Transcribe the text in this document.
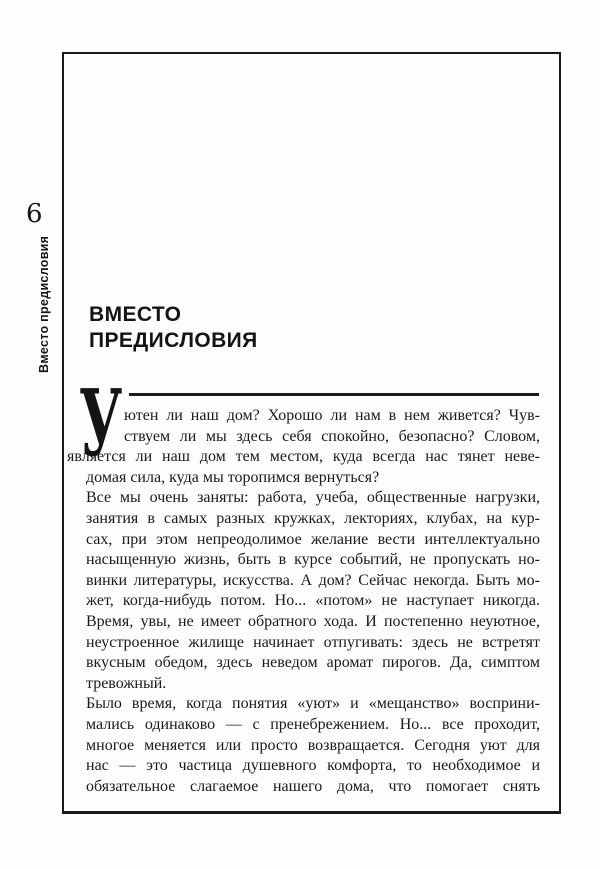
6
Вместо предисловия ВМЕСТО
ПРЕДИСЛОВИЯ
У ютен ли наш дом? Хорошо ли нам в нем живется? Чув-
ствуем ли мы здесь себя спокойно, безопасно? Словом,
является ли наш дом тем местом, куда всегда нас тянет неве-
домая сила, куда мы торопимся вернуться?
Все мы очень заняты: работа, учеба, общественные нагрузки,
занятия в самых разных кружках, лекториях, клубах, на кур-
сах, при этом непреодолимое желание вести интеллектуально
насыщенную жизнь, быть в курсе событий, не пропускать но-
винки литературы, искусства. А дом? Сейчас некогда. Быть мо-
жет, когда-нибудь потом. Но... «потом» не наступает никогда.
Время, увы, не имеет обратного хода. И постепенно неуютное,
неустроенное жилище начинает отпугивать: здесь не встретят
вкусным обедом, здесь неведом аромат пирогов. Да, симптом
тревожный.
Было время, когда понятия «уют» и «мещанство» восприни-
мались одинаково — с пренебрежением. Но... все проходит,
многое меняется или просто возвращается. Сегодня уют для
нас — это частица душевного комфорта, то необходимое и
обязательное слагаемое нашего дома, что помогает снять
